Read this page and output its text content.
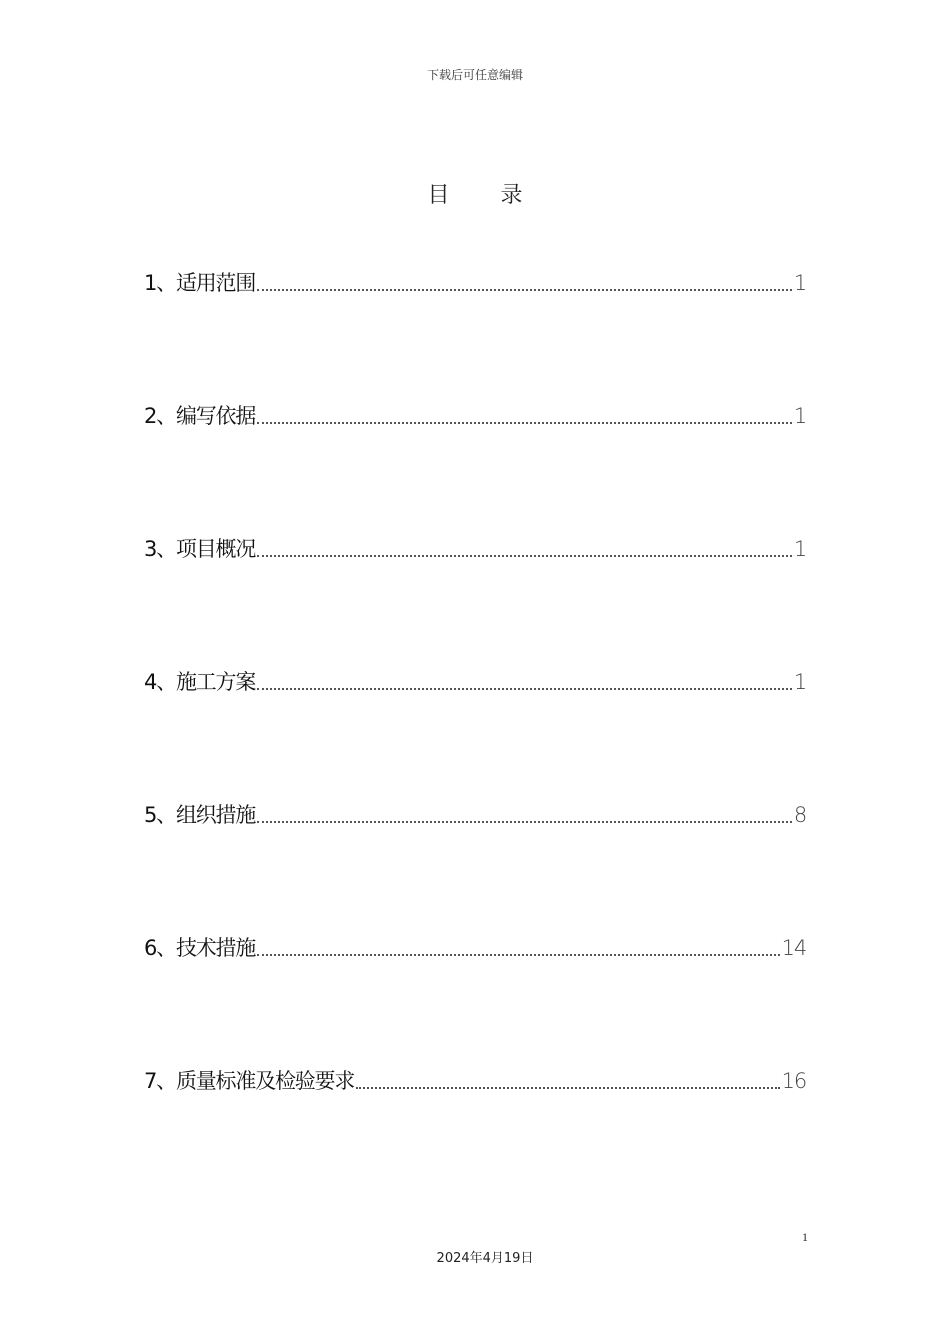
下载后可任意编辑
目 录
1、适用范围	1
2、编写依据	1
3、项目概况	1
4、施工方案	1
5、组织措施	8
6、技术措施	14
7、质量标准及检验要求	16
1
2024年4月19日
